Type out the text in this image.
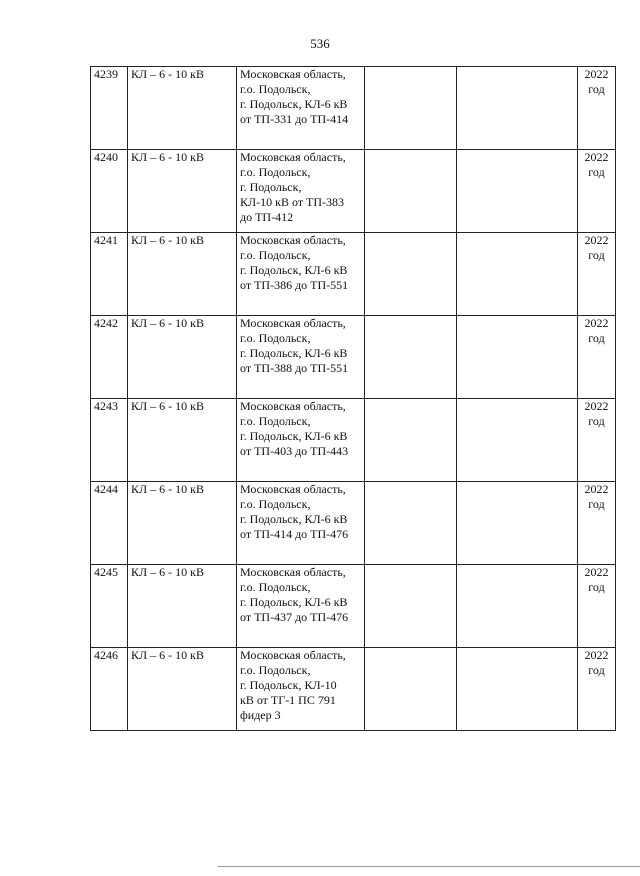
536
4239	КЛ – 6 - 10 кВ	Московская область,
г.о. Подольск,
г. Подольск, КЛ-6 кВ
от ТП-331 до ТП-414			2022
год

4240	КЛ – 6 - 10 кВ	Московская область,
г.о. Подольск,
г. Подольск,
КЛ-10 кВ от ТП-383
до ТП-412			2022
год

4241	КЛ – 6 - 10 кВ	Московская область,
г.о. Подольск,
г. Подольск, КЛ-6 кВ
от ТП-386 до ТП-551			2022
год

4242	КЛ – 6 - 10 кВ	Московская область,
г.о. Подольск,
г. Подольск, КЛ-6 кВ
от ТП-388 до ТП-551			2022
год

4243	КЛ – 6 - 10 кВ	Московская область,
г.о. Подольск,
г. Подольск, КЛ-6 кВ
от ТП-403 до ТП-443			2022
год

4244	КЛ – 6 - 10 кВ	Московская область,
г.о. Подольск,
г. Подольск, КЛ-6 кВ
от ТП-414 до ТП-476			2022
год

4245	КЛ – 6 - 10 кВ	Московская область,
г.о. Подольск,
г. Подольск, КЛ-6 кВ
от ТП-437 до ТП-476			2022
год

4246	КЛ – 6 - 10 кВ	Московская область,
г.о. Подольск,
г. Подольск, КЛ-10
кВ от ТГ-1 ПС 791
фидер 3			2022
год
